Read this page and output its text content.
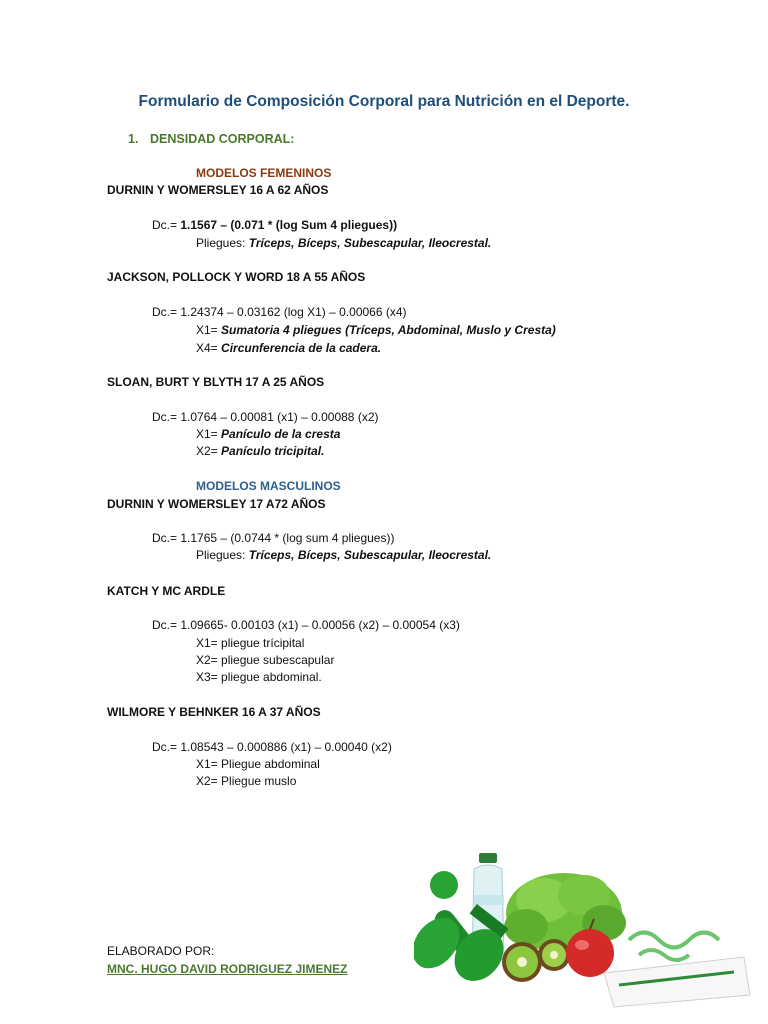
Formulario de Composición Corporal para Nutrición en el Deporte.
1. DENSIDAD CORPORAL:
MODELOS FEMENINOS
DURNIN Y WOMERSLEY 16 A 62 AÑOS
Dc.= 1.1567 – (0.071 * (log Sum 4 pliegues))
Pliegues: Tríceps, Bíceps, Subescapular, Ileocrestal.
JACKSON, POLLOCK Y WORD 18 A 55 AÑOS
Dc.= 1.24374 – 0.03162 (log X1) – 0.00066 (x4)
X1= Sumatoria 4 pliegues (Tríceps, Abdominal, Muslo y Cresta)
X4= Circunferencia de la cadera.
SLOAN, BURT Y BLYTH 17 A 25 AÑOS
Dc.= 1.0764 – 0.00081 (x1) – 0.00088 (x2)
X1= Panículo de la cresta
X2= Panículo tricipital.
MODELOS MASCULINOS
DURNIN Y WOMERSLEY 17 A72 AÑOS
Dc.= 1.1765 – (0.0744 * (log sum 4 pliegues))
Pliegues: Tríceps, Bíceps, Subescapular, Ileocrestal.
KATCH Y MC ARDLE
Dc.= 1.09665- 0.00103 (x1) – 0.00056 (x2) – 0.00054 (x3)
X1= pliegue trícipital
X2= pliegue subescapular
X3= pliegue abdominal.
WILMORE Y BEHNKER 16 A 37 AÑOS
Dc.= 1.08543 – 0.000886 (x1) – 0.00040 (x2)
X1= Pliegue abdominal
X2= Pliegue muslo
ELABORADO POR:
MNC. HUGO DAVID RODRIGUEZ JIMENEZ
